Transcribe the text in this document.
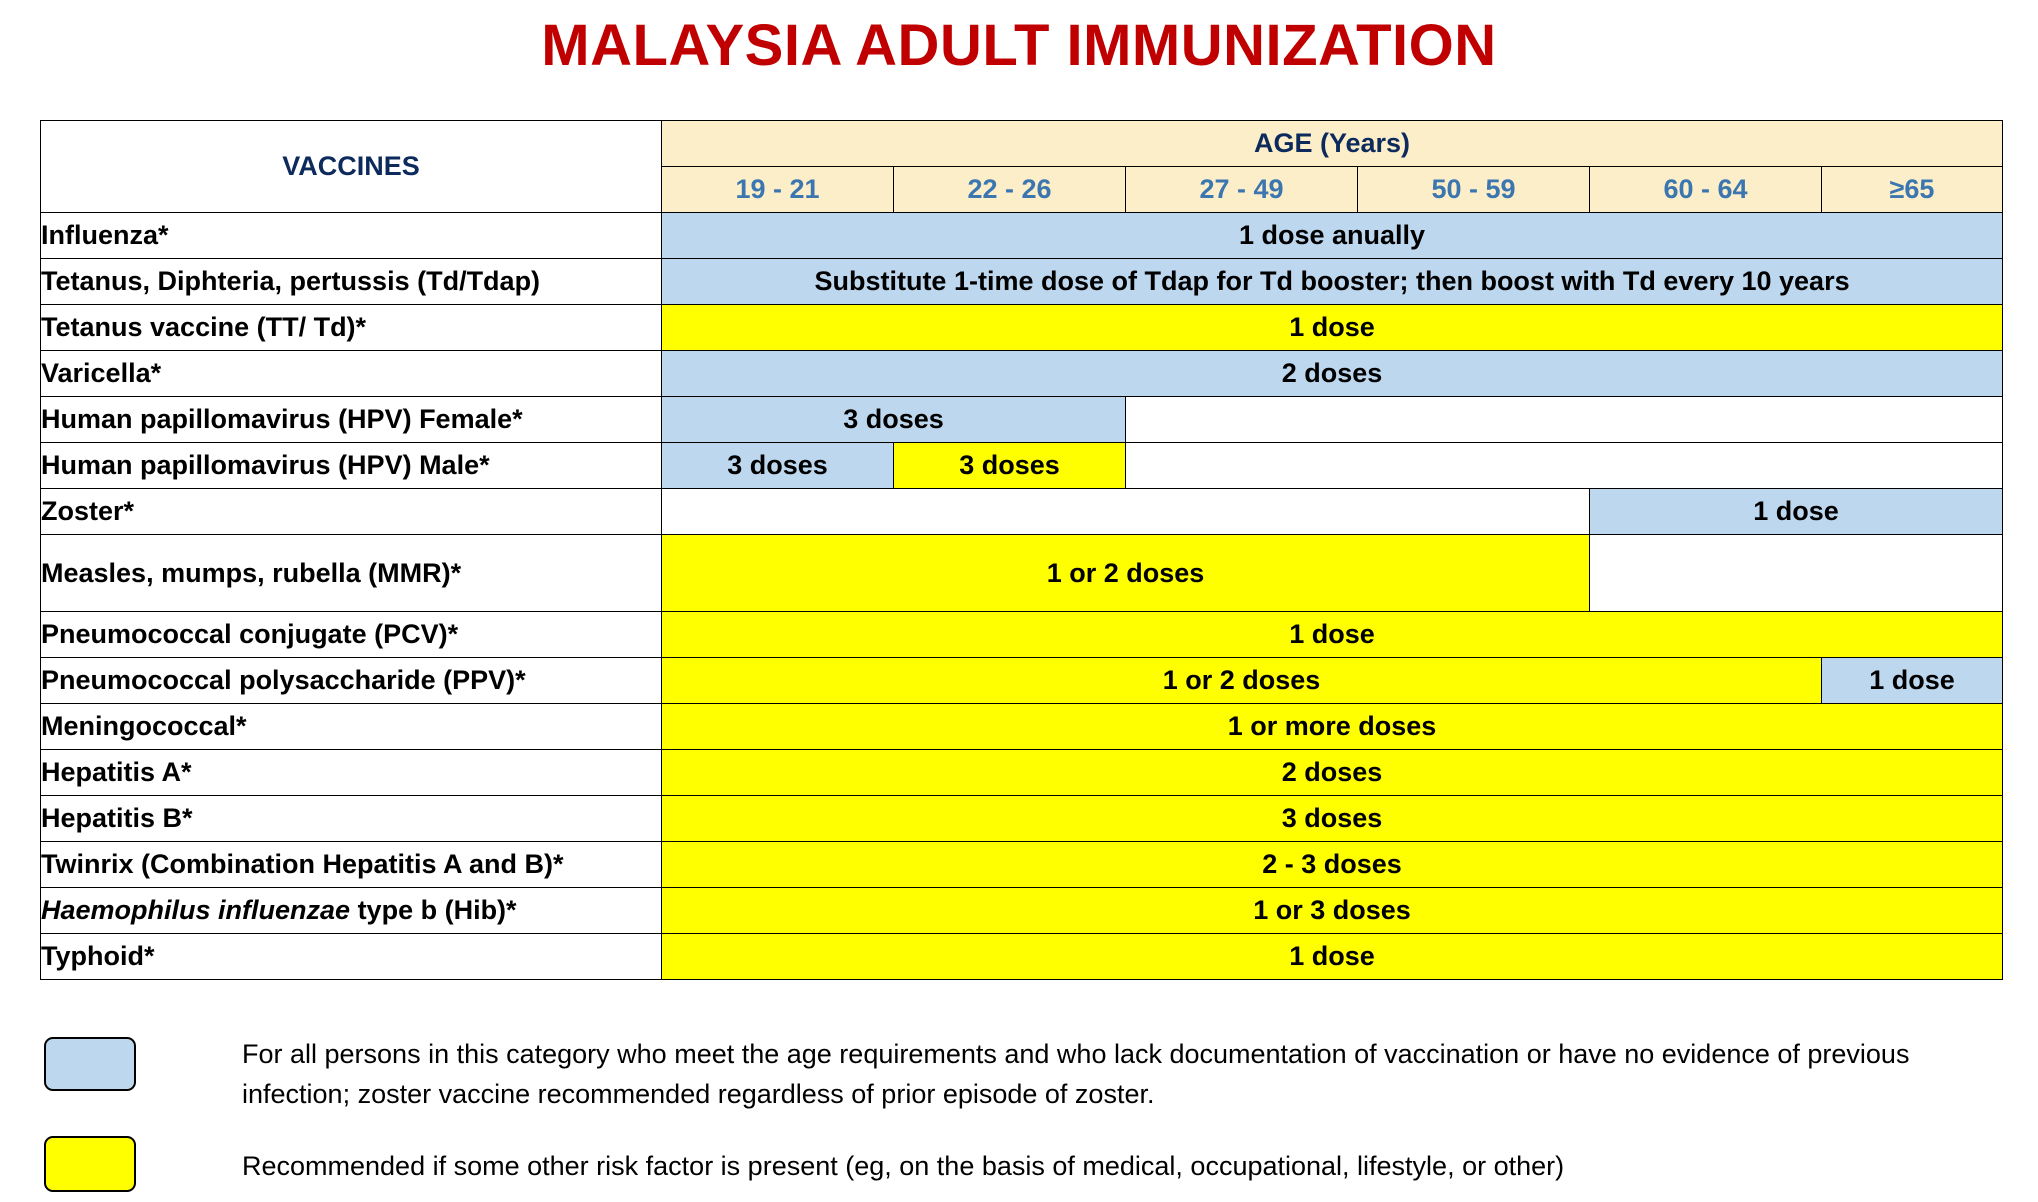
MALAYSIA ADULT IMMUNIZATION
VACCINES	AGE (Years)					
	19 - 21	22 - 26	27 - 49	50 - 59	60 - 64	≥65
Influenza*	1 dose anually					
Tetanus, Diphteria, pertussis (Td/Tdap)	Substitute 1-time dose of Tdap for Td booster; then boost with Td every 10 years					
Tetanus vaccine (TT/ Td)*	1 dose					
Varicella*	2 doses					
Human papillomavirus (HPV) Female*	3 doses					
Human papillomavirus (HPV) Male*	3 doses	3 doses				
Zoster*					1 dose	
Measles, mumps, rubella (MMR)*	1 or 2 doses					
Pneumococcal conjugate (PCV)*	1 dose					
Pneumococcal polysaccharide (PPV)*	1 or 2 doses					1 dose
Meningococcal*	1 or more doses					
Hepatitis A*	2 doses					
Hepatitis B*	3 doses					
Twinrix (Combination Hepatitis A and B)*	2 - 3 doses					
Haemophilus influenzae type b (Hib)*	1 or 3 doses					
Typhoid*	1 dose					
For all persons in this category who meet the age requirements and who lack documentation of vaccination or have no evidence of previous infection; zoster vaccine recommended regardless of prior episode of zoster.
Recommended if some other risk factor is present (eg, on the basis of medical, occupational, lifestyle, or other)
